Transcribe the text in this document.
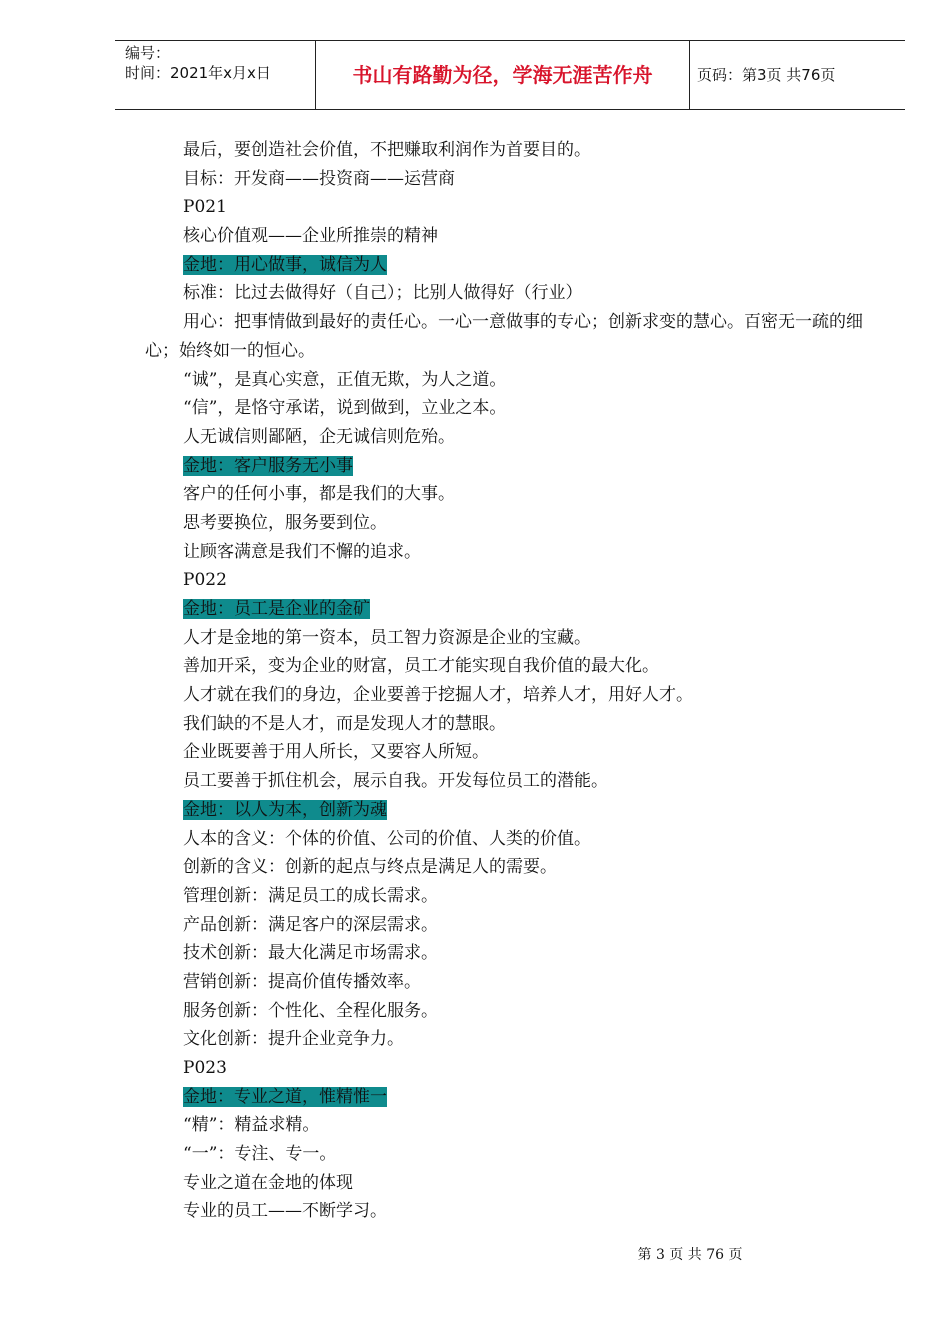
编号：
时间：2021年x月x日	书山有路勤为径，学海无涯苦作舟	页码：第3页 共76页
最后，要创造社会价值，不把赚取利润作为首要目的。
目标：开发商——投资商——运营商
P021
核心价值观——企业所推崇的精神
金地：用心做事，诚信为人
标准：比过去做得好（自己）；比别人做得好（行业）
用心：把事情做到最好的责任心。一心一意做事的专心；创新求变的慧心。百密无一疏的细心；始终如一的恒心。
“诚”，是真心实意，正值无欺，为人之道。
“信”，是恪守承诺，说到做到，立业之本。
人无诚信则鄙陋，企无诚信则危殆。
金地：客户服务无小事
客户的任何小事，都是我们的大事。
思考要换位，服务要到位。
让顾客满意是我们不懈的追求。
P022
金地：员工是企业的金矿
人才是金地的第一资本，员工智力资源是企业的宝藏。
善加开采，变为企业的财富，员工才能实现自我价值的最大化。
人才就在我们的身边，企业要善于挖掘人才，培养人才，用好人才。
我们缺的不是人才，而是发现人才的慧眼。
企业既要善于用人所长，又要容人所短。
员工要善于抓住机会，展示自我。开发每位员工的潜能。
金地：以人为本，创新为魂
人本的含义：个体的价值、公司的价值、人类的价值。
创新的含义：创新的起点与终点是满足人的需要。
管理创新：满足员工的成长需求。
产品创新：满足客户的深层需求。
技术创新：最大化满足市场需求。
营销创新：提高价值传播效率。
服务创新：个性化、全程化服务。
文化创新：提升企业竞争力。
P023
金地：专业之道，惟精惟一
“精”：精益求精。
“一”：专注、专一。
专业之道在金地的体现
专业的员工——不断学习。
第 3 页 共 76 页
